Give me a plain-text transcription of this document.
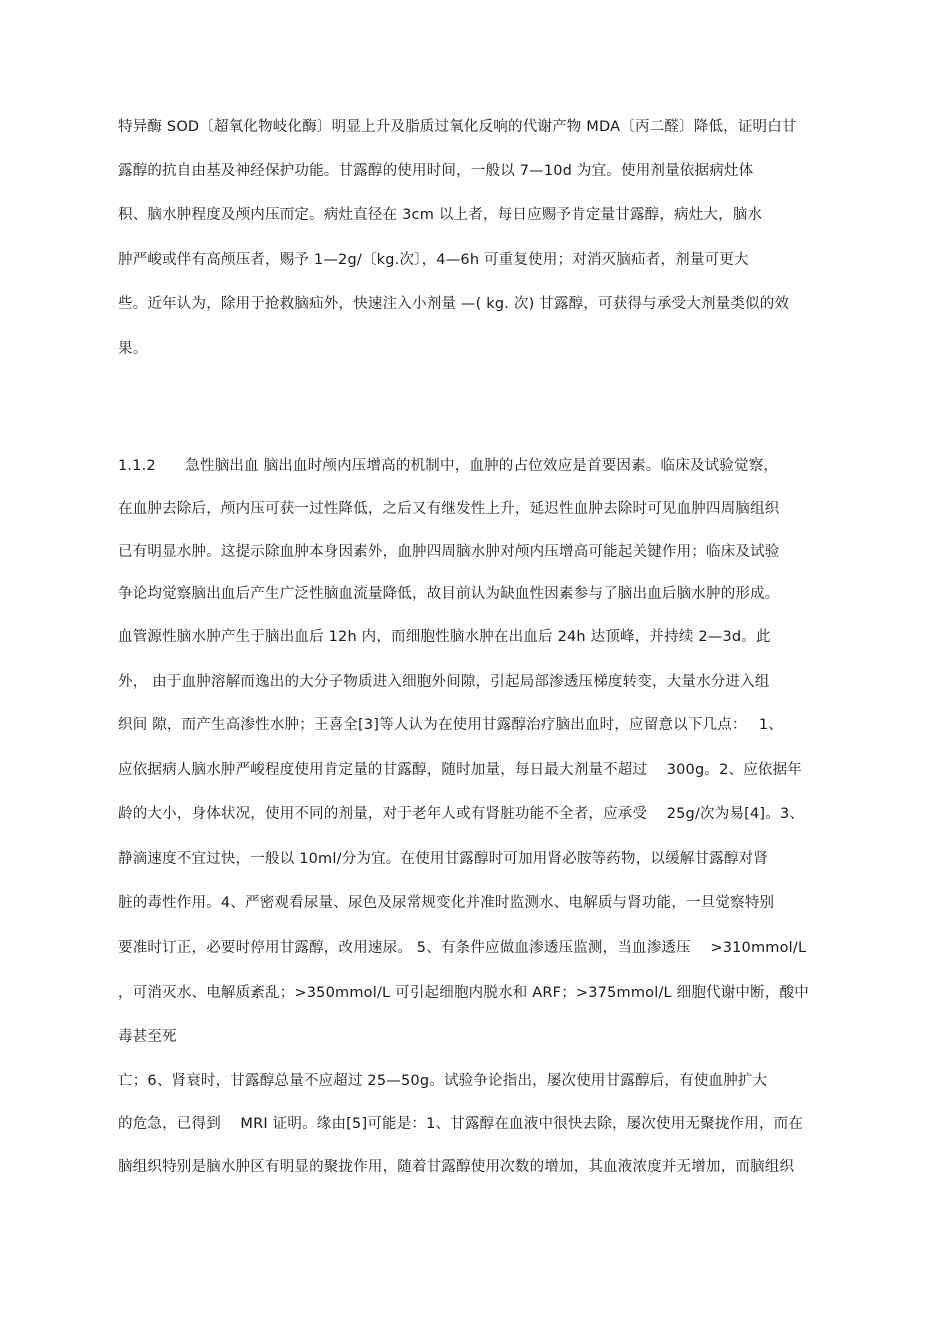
特异酶 SOD〔超氧化物岐化酶〕明显上升及脂质过氧化反响的代谢产物 MDA〔丙二醛〕降低，证明白甘
露醇的抗自由基及神经保护功能。甘露醇的使用时间，一般以 7—10d 为宜。使用剂量依据病灶体
积、脑水肿程度及颅内压而定。病灶直径在 3cm 以上者，每日应赐予肯定量甘露醇，病灶大，脑水
肿严峻或伴有高颅压者，赐予 1—2g/〔kg.次〕，4—6h 可重复使用；对消灭脑疝者，剂量可更大
些。近年认为，除用于抢救脑疝外，快速注入小剂量 —( kg. 次) 甘露醇，可获得与承受大剂量类似的效
果。
1.1.2　　急性脑出血 脑出血时颅内压增高的机制中，血肿的占位效应是首要因素。临床及试验觉察，
在血肿去除后，颅内压可获一过性降低，之后又有继发性上升，延迟性血肿去除时可见血肿四周脑组织
已有明显水肿。这提示除血肿本身因素外，血肿四周脑水肿对颅内压增高可能起关键作用；临床及试验
争论均觉察脑出血后产生广泛性脑血流量降低，故目前认为缺血性因素参与了脑出血后脑水肿的形成。
血管源性脑水肿产生于脑出血后 12h 内，而细胞性脑水肿在出血后 24h 达顶峰，并持续 2—3d。此
外， 由于血肿溶解而逸出的大分子物质进入细胞外间隙，引起局部渗透压梯度转变，大量水分进入组
织间 隙，而产生高渗性水肿；王喜全[3]等人认为在使用甘露醇治疗脑出血时，应留意以下几点：　 1、
应依据病人脑水肿严峻程度使用肯定量的甘露醇，随时加量，每日最大剂量不超过　 300g。2、应依据年
龄的大小，身体状况，使用不同的剂量，对于老年人或有肾脏功能不全者，应承受　 25g/次为易[4]。3、
静滴速度不宜过快，一般以 10ml/分为宜。在使用甘露醇时可加用肾必胺等药物，以缓解甘露醇对肾
脏的毒性作用。4、严密观看尿量、尿色及尿常规变化并准时监测水、电解质与肾功能，一旦觉察特别
要准时订正，必要时停用甘露醇，改用速尿。 5、有条件应做血渗透压监测，当血渗透压　 >310mmol/L
，可消灭水、电解质紊乱；>350mmol/L 可引起细胞内脱水和 ARF；>375mmol/L 细胞代谢中断，酸中
毒甚至死
亡；6、肾衰时，甘露醇总量不应超过 25—50g。试验争论指出，屡次使用甘露醇后，有使血肿扩大
的危急，已得到　 MRI 证明。缘由[5]可能是：1、甘露醇在血液中很快去除，屡次使用无聚拢作用，而在
脑组织特别是脑水肿区有明显的聚拢作用，随着甘露醇使用次数的增加，其血液浓度并无增加，而脑组织
